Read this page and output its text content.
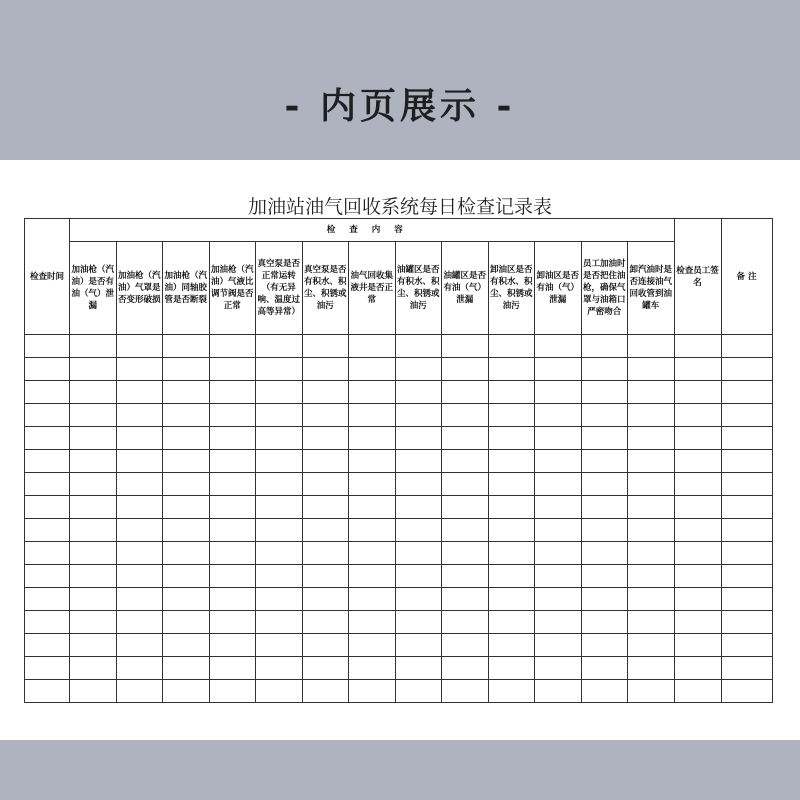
- 内页展示 -
加油站油气回收系统每日检查记录表
检查时间	检查内容													检查员工签名	备 注
	加油枪（汽油）是否有油（气）泄漏	加油枪（汽油）气罩是否变形破损	加油枪（汽油）同轴胶管是否断裂	加油枪（汽油）气液比调节阀是否正常	真空泵是否正常运转（有无异响、温度过高等异常）	真空泵是否有积水、积尘、积锈或油污	油气回收集液井是否正常	油罐区是否有积水、积尘、积锈或油污	油罐区是否有油（气）泄漏	卸油区是否有积水、积尘、积锈或油污	卸油区是否有油（气）泄漏	员工加油时是否把住油枪，确保气罩与油箱口严密吻合	卸汽油时是否连接油气回收管到油罐车		
